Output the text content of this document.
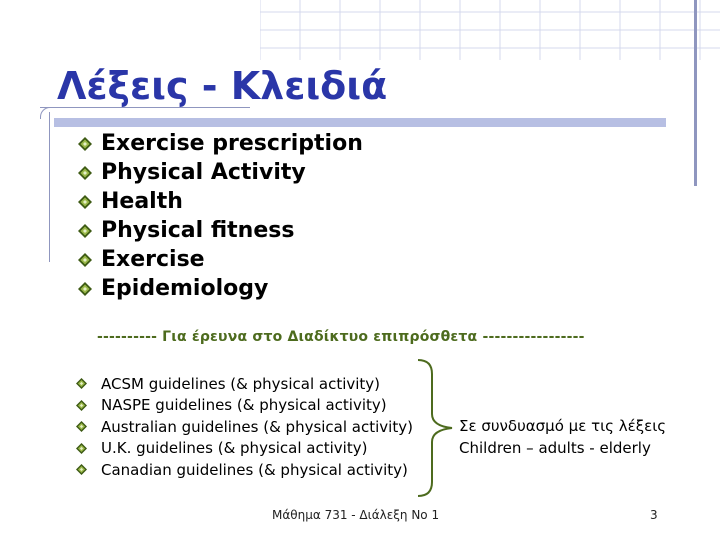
Λέξεις - Κλειδιά
Exercise prescription
Physical Activity
Health
Physical fitness
Exercise
Epidemiology
---------- Για έρευνα στο Διαδίκτυο επιπρόσθετα -----------------
ACSM guidelines (& physical activity)
NASPE guidelines (& physical activity)
Australian guidelines (& physical activity)
U.K. guidelines (& physical activity)
Canadian guidelines (& physical activity)
Σε συνδυασμό με τις λέξεις
Children – adults - elderly
Μάθημα 731 - Διάλεξη Νο 1	3
